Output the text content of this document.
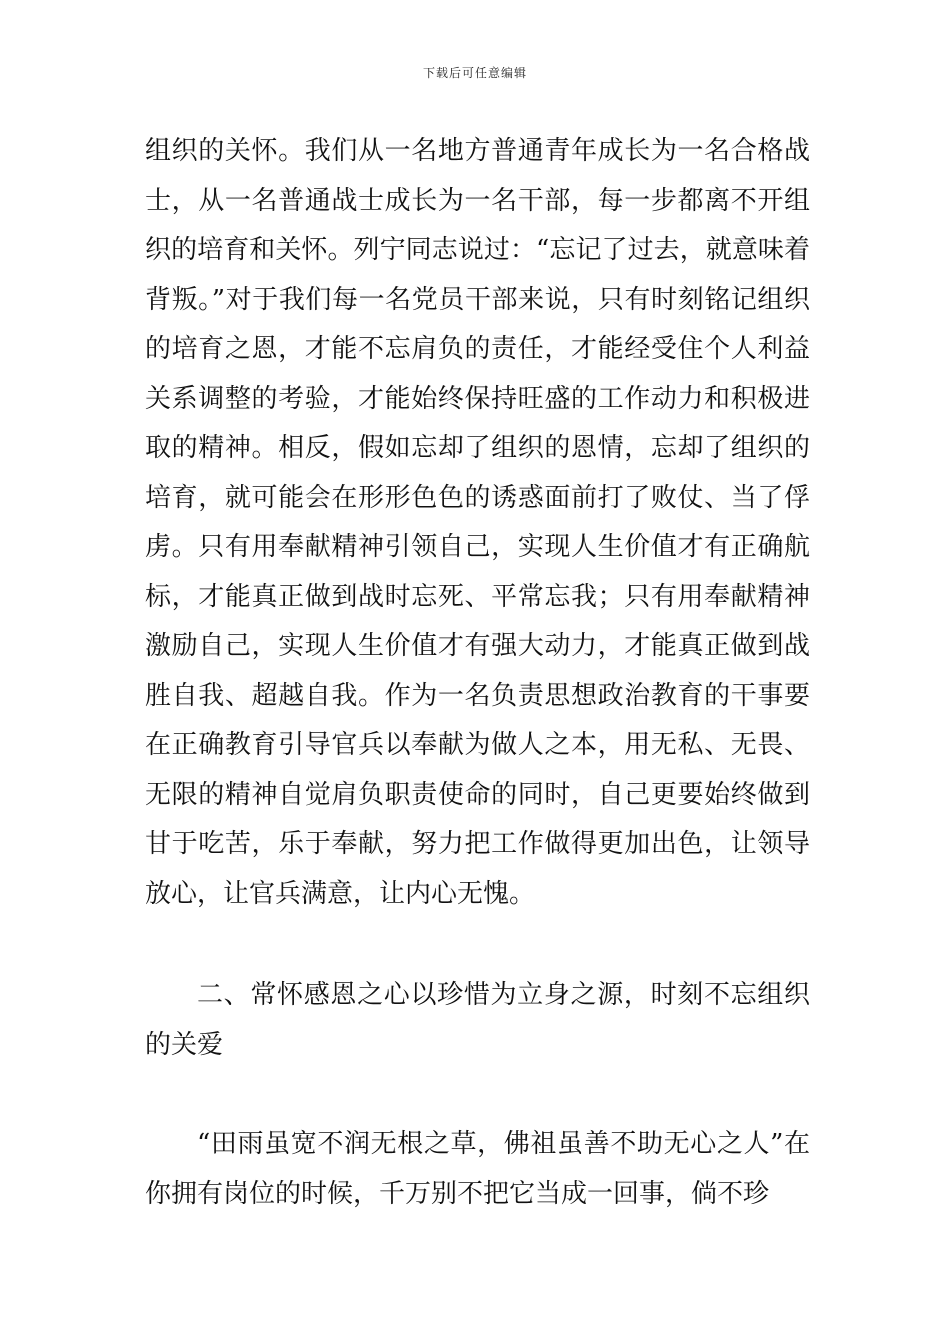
下载后可任意编辑
组织的关怀。我们从一名地方普通青年成长为一名合格战士，从一名普通战士成长为一名干部，每一步都离不开组织的培育和关怀。列宁同志说过：“忘记了过去，就意味着背叛。”对于我们每一名党员干部来说，只有时刻铭记组织的培育之恩，才能不忘肩负的责任，才能经受住个人利益关系调整的考验，才能始终保持旺盛的工作动力和积极进取的精神。相反，假如忘却了组织的恩情，忘却了组织的培育，就可能会在形形色色的诱惑面前打了败仗、当了俘虏。只有用奉献精神引领自己，实现人生价值才有正确航标，才能真正做到战时忘死、平常忘我；只有用奉献精神激励自己，实现人生价值才有强大动力，才能真正做到战胜自我、超越自我。作为一名负责思想政治教育的干事要在正确教育引导官兵以奉献为做人之本，用无私、无畏、无限的精神自觉肩负职责使命的同时，自己更要始终做到甘于吃苦，乐于奉献，努力把工作做得更加出色，让领导放心，让官兵满意，让内心无愧。
二、常怀感恩之心以珍惜为立身之源，时刻不忘组织的关爱
“田雨虽宽不润无根之草，佛祖虽善不助无心之人”在你拥有岗位的时候，千万别不把它当成一回事，倘不珍
